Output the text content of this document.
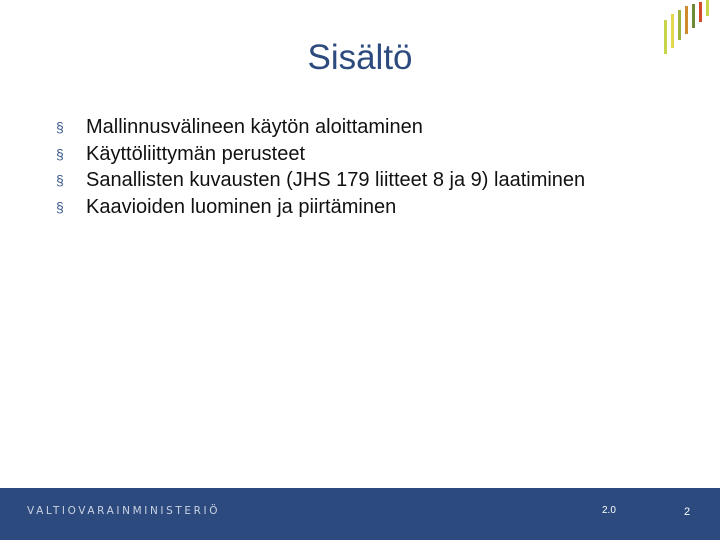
Sisältö
§ Mallinnusvälineen käytön aloittaminen
§ Käyttöliittymän perusteet
§ Sanallisten kuvausten (JHS 179 liitteet 8 ja 9) laatiminen
§ Kaavioiden luominen ja piirtäminen
VALTIOVARAINMINISTERIÖ	2.0	2
